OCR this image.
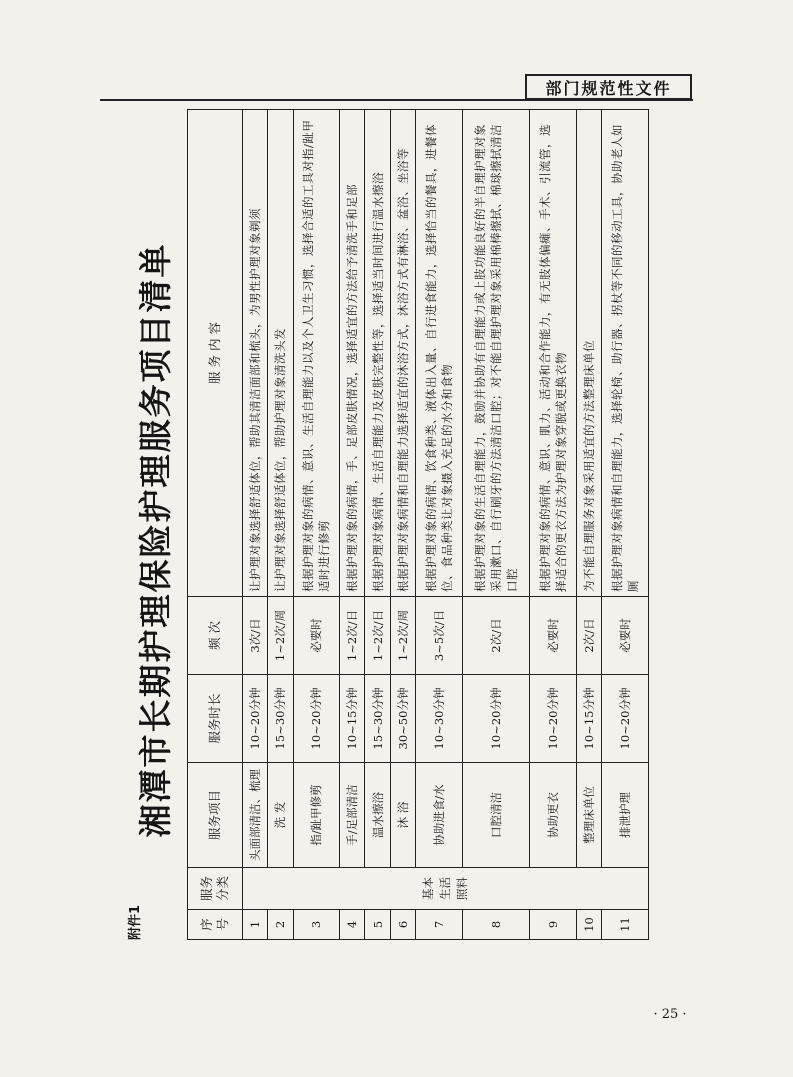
部门规范性文件
附件1
湘潭市长期护理保险护理服务项目清单
序号	服务分类	服务项目	服务时长	频 次	服 务 内 容
1	基本生活照料	头面部清洁、梳理	10~20分钟	3次/日	让护理对象选择舒适体位，帮助其清洁面部和梳头，为男性护理对象剃须
2		洗 发	15~30分钟	1~2次/周	让护理对象选择舒适体位，帮助护理对象清洗头发
3		指/趾甲修剪	10~20分钟	必要时	根据护理对象的病情、意识、生活自理能力以及个人卫生习惯，选择合适的工具对指/趾甲适时进行修剪
4		手/足部清洁	10~15分钟	1~2次/日	根据护理对象的病情，手、足部皮肤情况，选择适宜的方法给予清洗手和足部
5		温水擦浴	15~30分钟	1~2次/日	根据护理对象病情、生活自理能力及皮肤完整性等，选择适当时间进行温水擦浴
6		沐 浴	30~50分钟	1~2次/周	根据护理对象病情和自理能力选择适宜的沐浴方式，沐浴方式有淋浴、盆浴、坐浴等
7		协助进食/水	10~30分钟	3~5次/日	根据护理对象的病情、饮食种类、液体出入量、自行进食能力，选择恰当的餐具，进餐体位、食品种类让对象摄入充足的水分和食物
8		口腔清洁	10~20分钟	2次/日	根据护理对象的生活自理能力，鼓励并协助有自理能力或上肢功能良好的半自理护理对象采用漱口、自行刷牙的方法清洁口腔；对不能自理护理对象采用棉棒擦拭、棉球擦拭清洁口腔
9		协助更衣	10~20分钟	必要时	根据护理对象的病情、意识、肌力、活动和合作能力，有无肢体偏瘫、手术、引流管，选择适合的更衣方法为护理对象穿脱或更换衣物
10		整理床单位	10~15分钟	2次/日	为不能自理服务对象采用适宜的方法整理床单位
11		排泄护理	10~20分钟	必要时	根据护理对象病情和自理能力，选择轮椅、助行器、拐杖等不同的移动工具，协助老人如厕
· 25 ·
